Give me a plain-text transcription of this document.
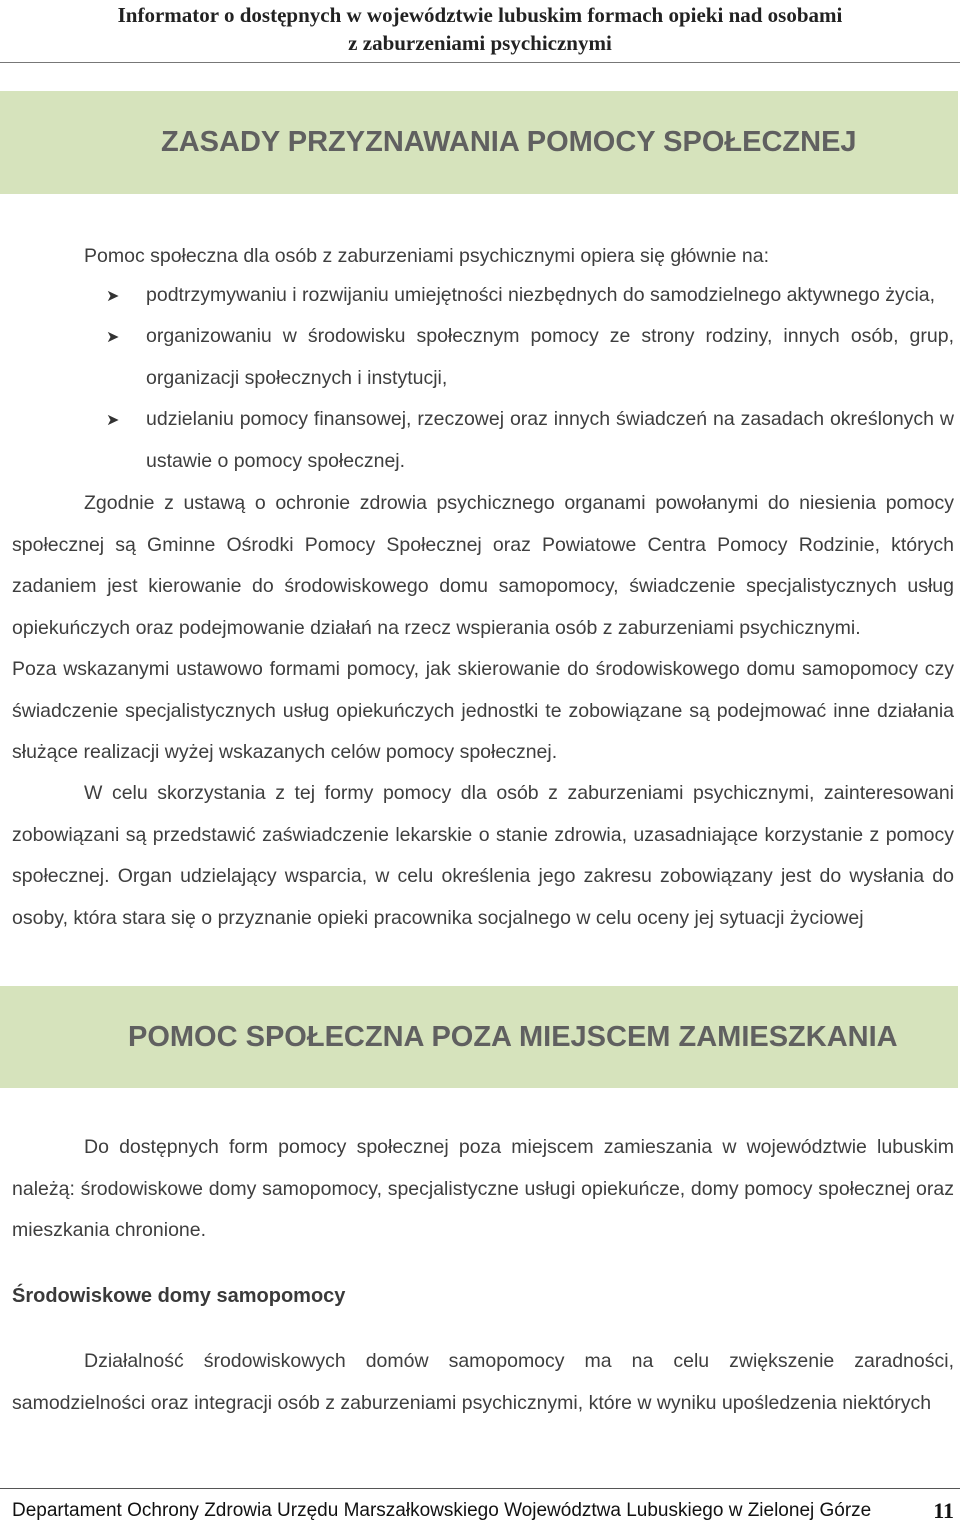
Informator o dostępnych w województwie lubuskim formach opieki nad osobami
z zaburzeniami psychicznymi
ZASADY PRZYZNAWANIA POMOCY SPOŁECZNEJ
Pomoc społeczna dla osób z zaburzeniami psychicznymi opiera się głównie na:
➤ podtrzymywaniu i rozwijaniu umiejętności niezbędnych do samodzielnego aktywnego życia,
➤ organizowaniu w środowisku społecznym pomocy ze strony rodziny, innych osób, grup, organizacji społecznych i instytucji,
➤ udzielaniu pomocy finansowej, rzeczowej oraz innych świadczeń na zasadach określonych w ustawie o pomocy społecznej.
Zgodnie z ustawą o ochronie zdrowia psychicznego organami powołanymi do niesienia pomocy społecznej są Gminne Ośrodki Pomocy Społecznej oraz Powiatowe Centra Pomocy Rodzinie, których zadaniem jest kierowanie do środowiskowego domu samopomocy, świadczenie specjalistycznych usług opiekuńczych oraz podejmowanie działań na rzecz wspierania osób z zaburzeniami psychicznymi.
Poza wskazanymi ustawowo formami pomocy, jak skierowanie do środowiskowego domu samopomocy czy świadczenie specjalistycznych usług opiekuńczych jednostki te zobowiązane są podejmować inne działania służące realizacji wyżej wskazanych celów pomocy społecznej.
W celu skorzystania z tej formy pomocy dla osób z zaburzeniami psychicznymi, zainteresowani zobowiązani są przedstawić zaświadczenie lekarskie o stanie zdrowia, uzasadniające korzystanie z pomocy społecznej. Organ udzielający wsparcia, w celu określenia jego zakresu zobowiązany jest do wysłania do osoby, która stara się o przyznanie opieki pracownika socjalnego w celu oceny jej sytuacji życiowej
POMOC SPOŁECZNA POZA MIEJSCEM ZAMIESZKANIA
Do dostępnych form pomocy społecznej poza miejscem zamieszania w województwie lubuskim należą: środowiskowe domy samopomocy, specjalistyczne usługi opiekuńcze, domy pomocy społecznej oraz mieszkania chronione.
Środowiskowe domy samopomocy
Działalność środowiskowych domów samopomocy ma na celu zwiększenie zaradności, samodzielności oraz integracji osób z zaburzeniami psychicznymi, które w wyniku upośledzenia niektórych
Departament Ochrony Zdrowia Urzędu Marszałkowskiego Województwa Lubuskiego w Zielonej Górze	11
